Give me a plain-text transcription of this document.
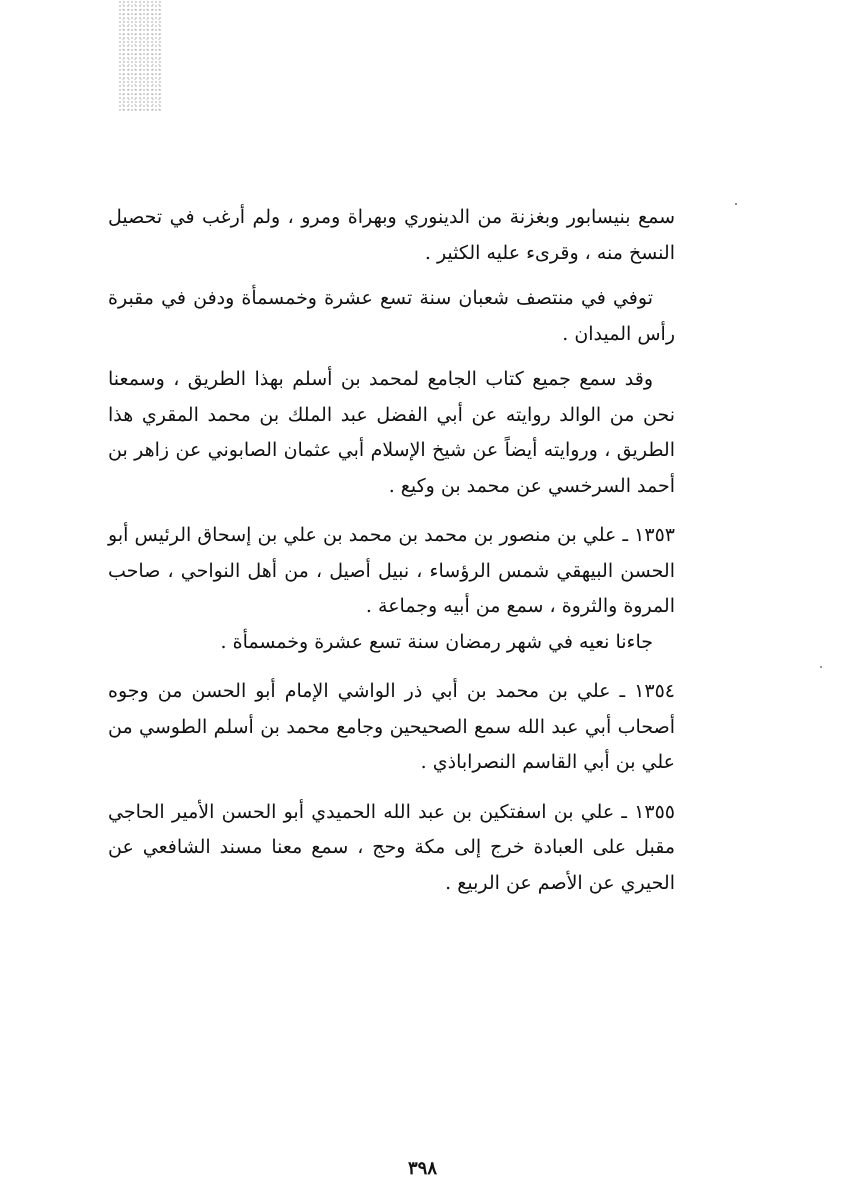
سمع بنيسابور وبغزنة من الدينوري وبهراة ومرو ، ولم أرغب في تحصيل النسخ منه ، وقرىء عليه الكثير .

توفي في منتصف شعبان سنة تسع عشرة وخمسمأة ودفن في مقبرة رأس الميدان .

وقد سمع جميع كتاب الجامع لمحمد بن أسلم بهذا الطريق ، وسمعنا نحن من الوالد روايته عن أبي الفضل عبد الملك بن محمد المقري هذا الطريق ، وروايته أيضاً عن شيخ الإسلام أبي عثمان الصابوني عن زاهر بن أحمد السرخسي عن محمد بن وكيع .

١٣٥٣ ـ علي بن منصور بن محمد بن محمد بن علي بن إسحاق الرئيس أبو الحسن البيهقي شمس الرؤساء ، نبيل أصيل ، من أهل النواحي ، صاحب المروة والثروة ، سمع من أبيه وجماعة .

جاءنا نعيه في شهر رمضان سنة تسع عشرة وخمسمأة .

١٣٥٤ ـ علي بن محمد بن أبي ذر الواشي الإمام أبو الحسن من وجوه أصحاب أبي عبد الله سمع الصحيحين وجامع محمد بن أسلم الطوسي من علي بن أبي القاسم النصراباذي .

١٣٥٥ ـ علي بن اسفتكين بن عبد الله الحميدي أبو الحسن الأمير الحاجي مقبل على العبادة خرج إلى مكة وحج ، سمع معنا مسند الشافعي عن الحيري عن الأصم عن الربيع .

٣٩٨
